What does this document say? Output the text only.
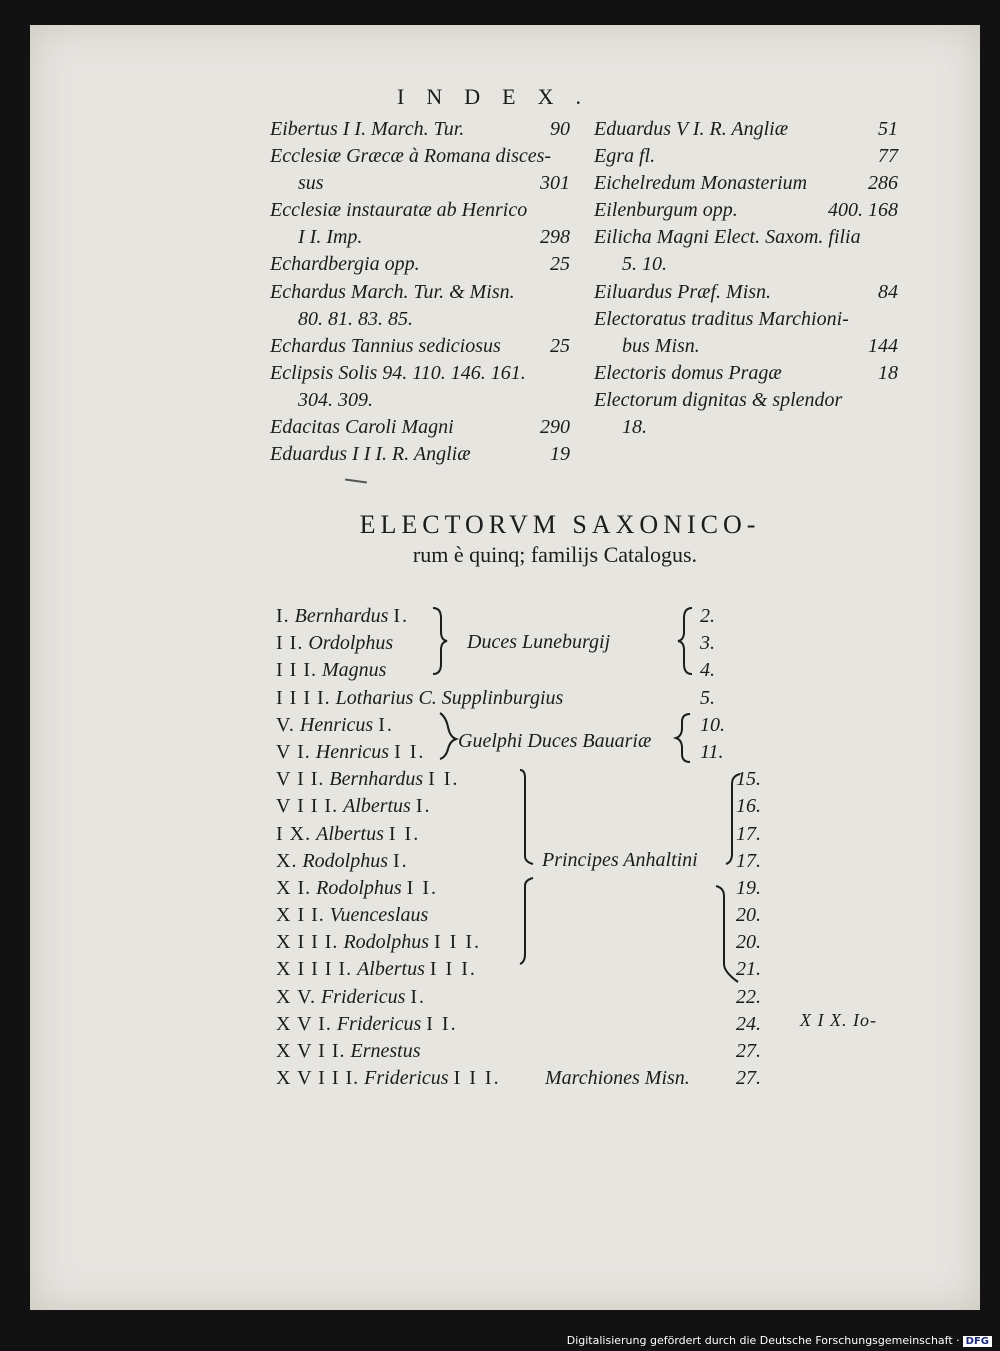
INDEX.
Eibertus I I. March. Tur.	90
Ecclesiæ Græcæ à Romana disces-
sus	301
Ecclesiæ instauratæ ab Henrico
I I. Imp.	298
Echardbergia opp.	25
Echardus March. Tur. & Misn.
80. 81. 83. 85.
Echardus Tannius sediciosus	25
Eclipsis Solis 94. 110. 146. 161.
304. 309.
Edacitas Caroli Magni	290
Eduardus I I I. R. Angliæ	19
Eduardus V I. R. Angliæ	51
Egra fl.	77
Eichelredum Monasterium	286
Eilenburgum opp.	400. 168
Eilicha Magni Elect. Saxom. filia
5. 10.
Eiluardus Præf. Misn.	84
Electoratus traditus Marchioni-
bus Misn.	144
Electoris domus Pragæ	18
Electorum dignitas & splendor
18.
ELECTORVM SAXONICO-
rum è quinq; familijs Catalogus.
I. Bernhardus I.	2.
I I. Ordolphus	3.
I I I. Magnus	4.
I I I I. Lotharius C. Supplinburgius	5.
V. Henricus I.	10.
V I. Henricus I I.	11.
V I I. Bernhardus I I.	15.
V I I I. Albertus I.	16.
I X. Albertus I I.	17.
X. Rodolphus I.	17.
X I. Rodolphus I I.	19.
X I I. Vuenceslaus	20.
X I I I. Rodolphus I I I.	20.
X I I I I. Albertus I I I.	21.
X V. Fridericus I.	22.
X V I. Fridericus I I.	24.
X V I I. Ernestus	27.
X V I I I. Fridericus I I I.	27.
Duces Luneburgij
Guelphi Duces Bauariæ
Principes Anhaltini
Marchiones Misn.
X I X. Io-
Digitalisierung gefördert durch die Deutsche Forschungsgemeinschaft · DFG
